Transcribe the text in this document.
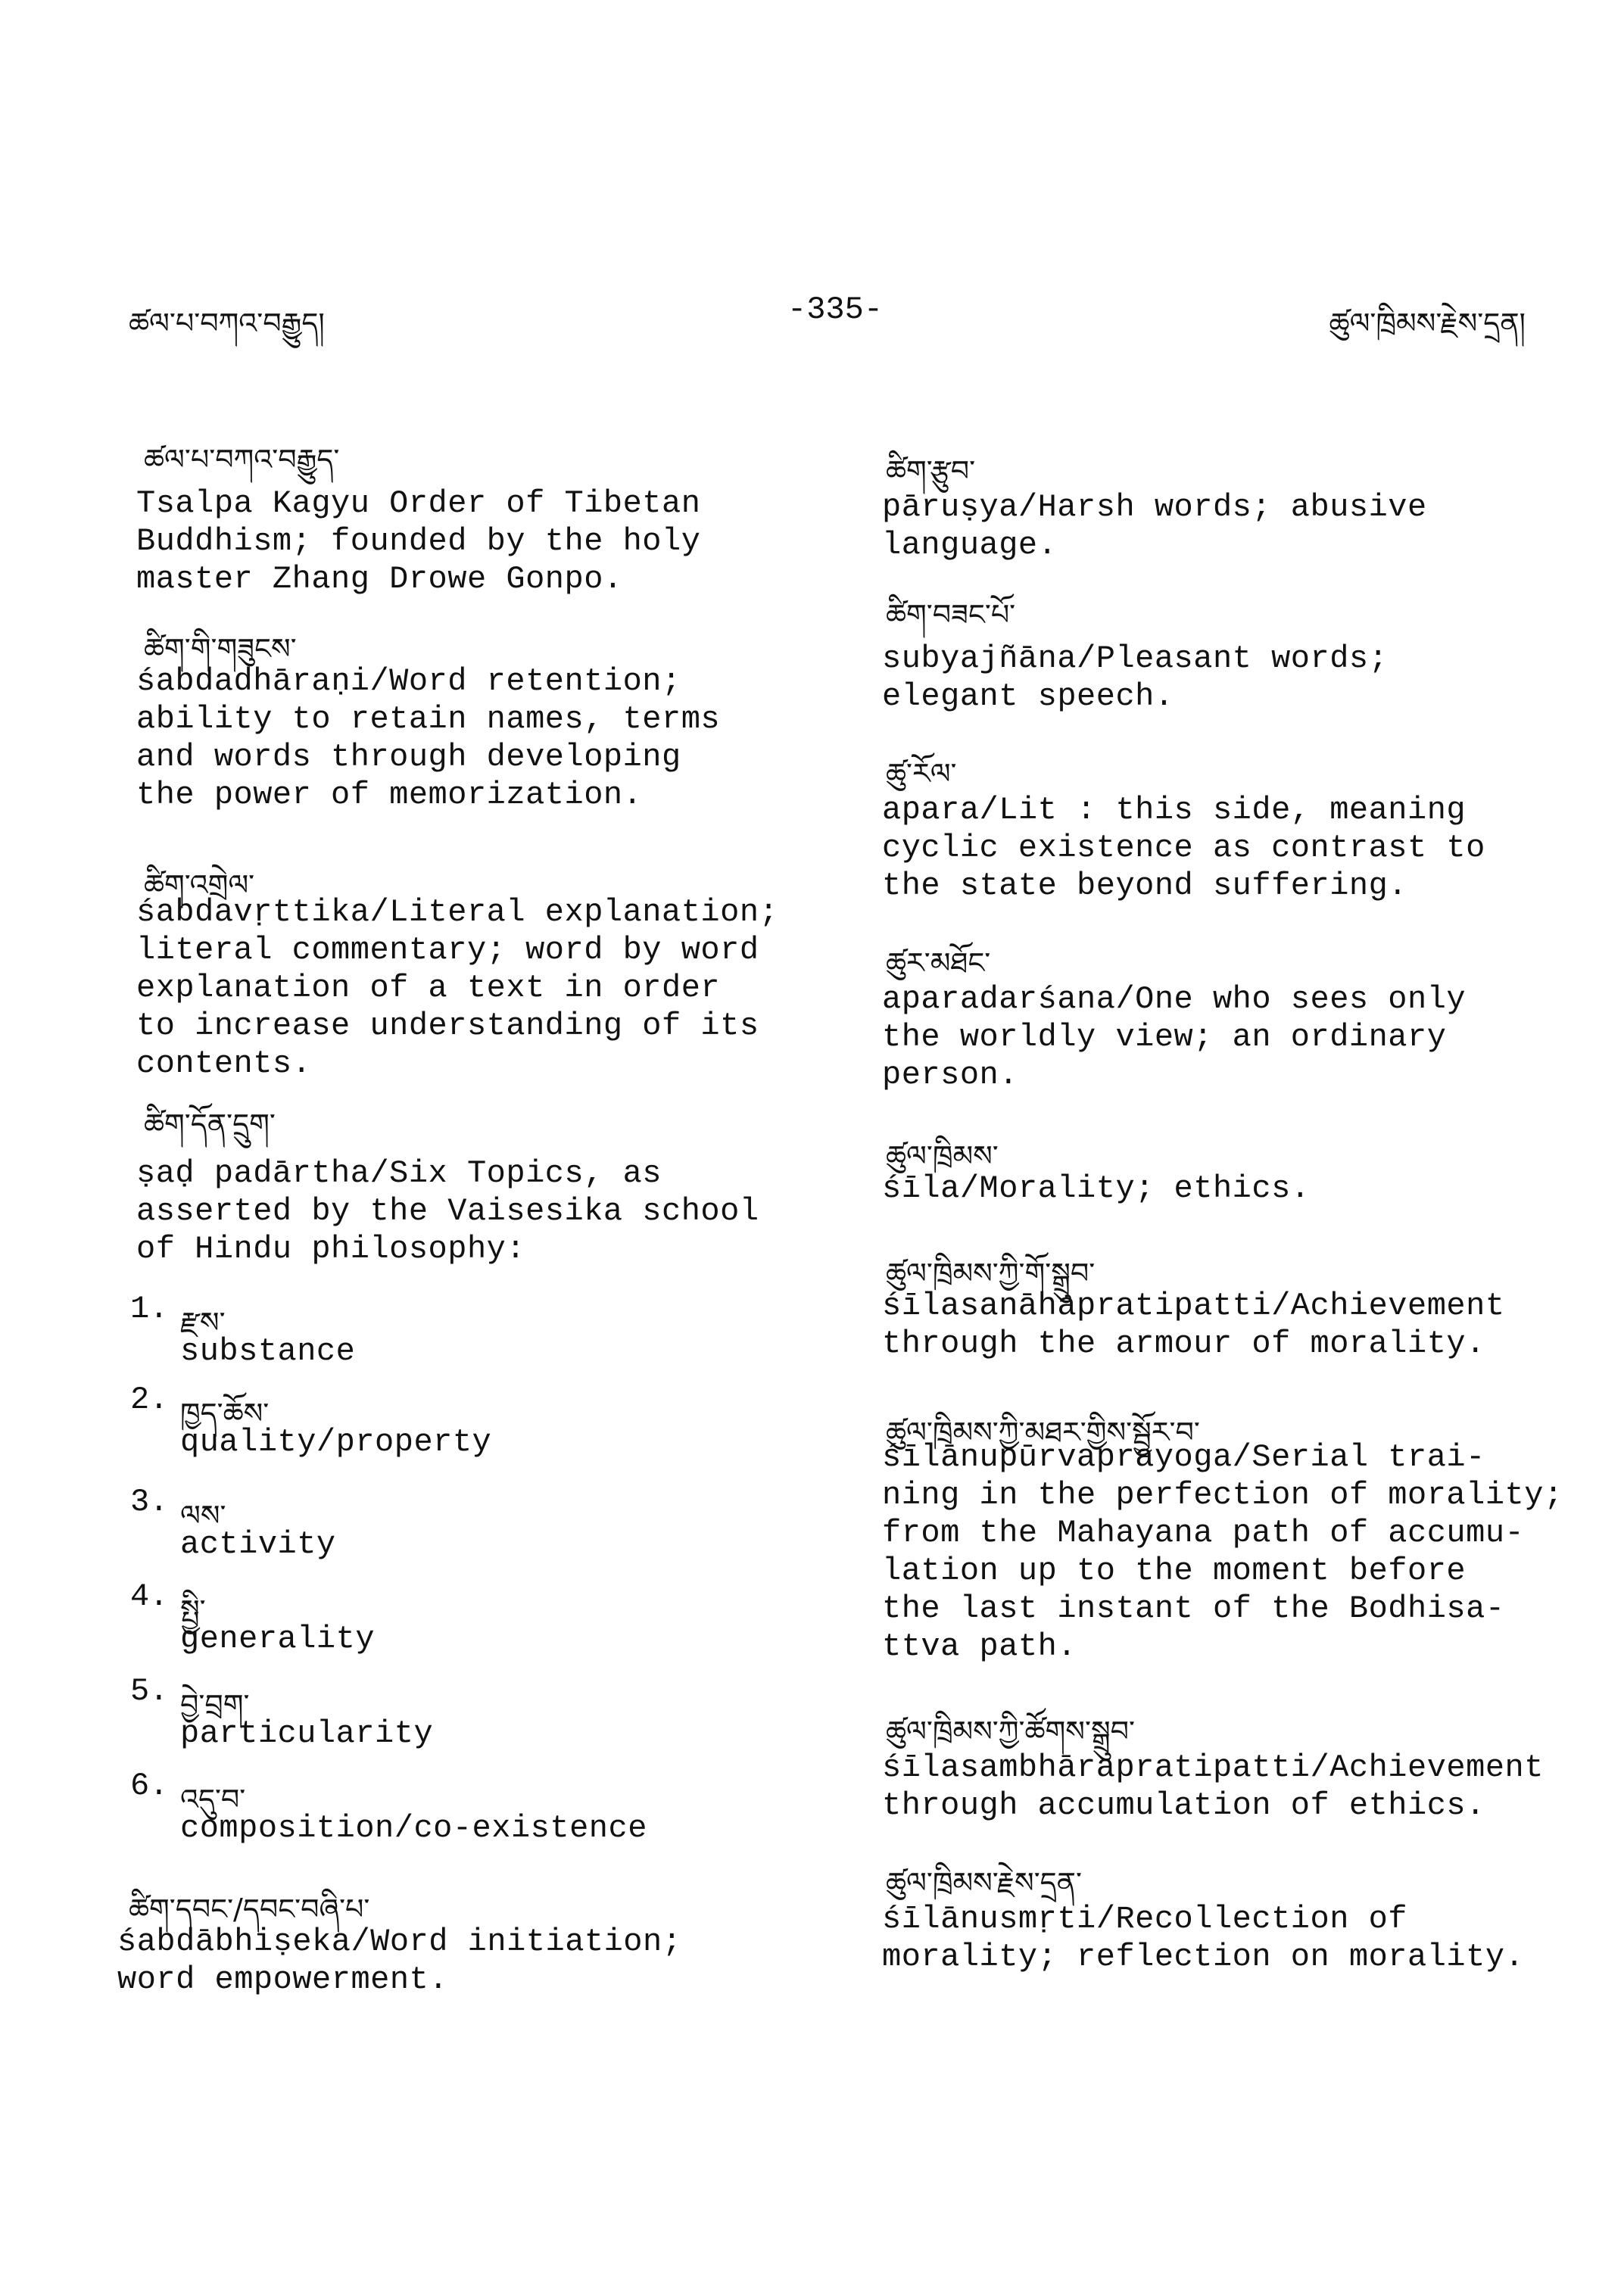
ཚལ་པ་བཀའ་བརྒྱུད།	-335-	ཚུལ་ཁྲིམས་རྗེས་དྲན།
ཚལ་པ་བཀའ་བརྒྱུད་
Tsalpa Kagyu Order of Tibetan
Buddhism; founded by the holy
master Zhang Drowe Gonpo.
ཚིག་གི་གཟུངས་
śabdadhāraṇi/Word retention;
ability to retain names, terms
and words through developing
the power of memorization.
ཚིག་འགྲེལ་
śabdavṛttika/Literal explanation;
literal commentary; word by word
explanation of a text in order
to increase understanding of its
contents.
ཚིག་དོན་དྲུག་
ṣaḍ padārtha/Six Topics, as
asserted by the Vaisesika school
of Hindu philosophy:
1. རྫས་
substance
2. ཁྱད་ཆོས་
quality/property
3. ལས་
activity
4. སྤྱི་
generality
5. བྱེ་བྲག་
particularity
6. འདུ་བ་
composition/co-existence
ཚིག་དབང་/དབང་བཞི་པ་
śabdābhiṣeka/Word initiation;
word empowerment.
ཚིག་རྩུབ་
pāruṣya/Harsh words; abusive
language.
ཚིག་བཟང་པོ་
subyajñāna/Pleasant words;
elegant speech.
ཚུ་རོལ་
apara/Lit : this side, meaning
cyclic existence as contrast to
the state beyond suffering.
ཚུར་མཐོང་
aparadarśana/One who sees only
the worldly view; an ordinary
person.
ཚུལ་ཁྲིམས་
śīla/Morality; ethics.
ཚུལ་ཁྲིམས་ཀྱི་གོ་སྒྲུབ་
śīlasanāhapratipatti/Achievement
through the armour of morality.
ཚུལ་ཁྲིམས་ཀྱི་མཐར་གྱིས་སྦྱོར་བ་
śīlānupūrvaprayoga/Serial trai-
ning in the perfection of morality;
from the Mahayana path of accumu-
lation up to the moment before
the last instant of the Bodhisa-
ttva path.
ཚུལ་ཁྲིམས་ཀྱི་ཚོགས་སྒྲུབ་
śīlasambhārapratipatti/Achievement
through accumulation of ethics.
ཚུལ་ཁྲིམས་རྗེས་དྲན་
śīlānusmṛti/Recollection of
morality; reflection on morality.
